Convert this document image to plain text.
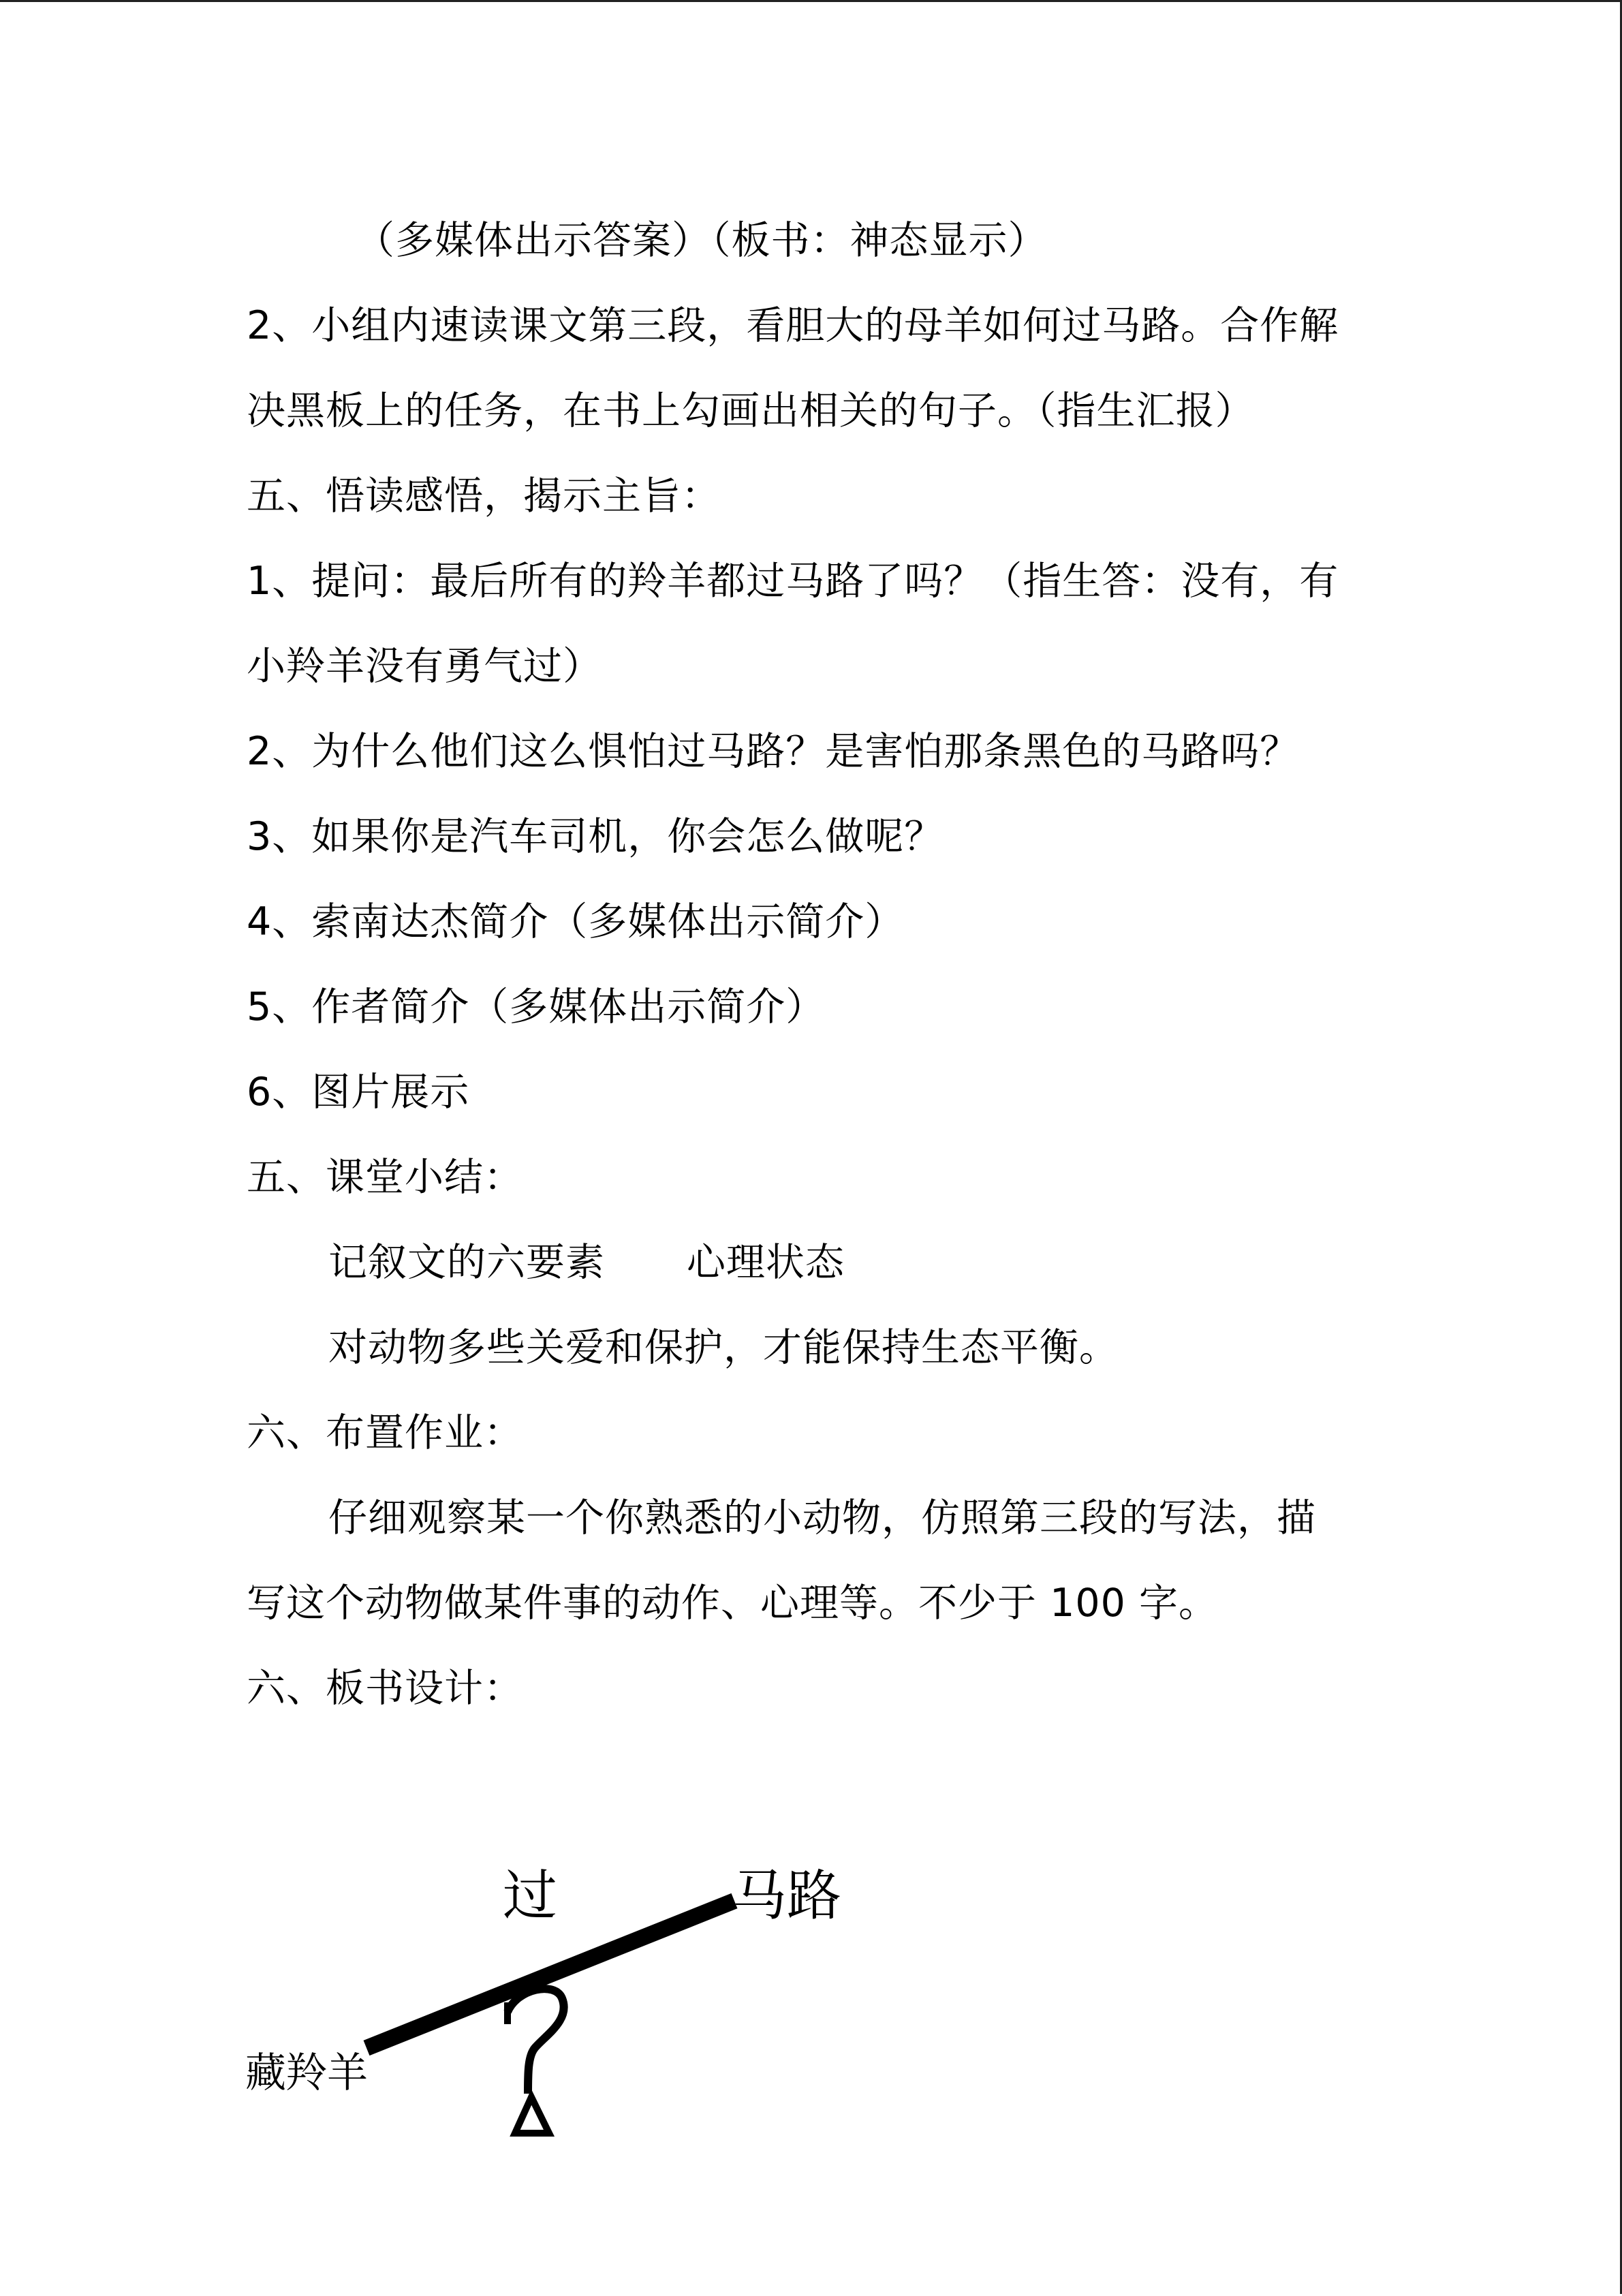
（多媒体出示答案）（板书：神态显示）
2、小组内速读课文第三段，看胆大的母羊如何过马路。合作解
决黑板上的任务，在书上勾画出相关的句子。（指生汇报）
五、悟读感悟，揭示主旨：
1、提问：最后所有的羚羊都过马路了吗？（指生答：没有，有
小羚羊没有勇气过）
2、为什么他们这么惧怕过马路？是害怕那条黑色的马路吗？
3、如果你是汽车司机，你会怎么做呢？
4、索南达杰简介（多媒体出示简介）
5、作者简介（多媒体出示简介）
6、图片展示
五、课堂小结：
记叙文的六要素 心理状态
对动物多些关爱和保护，才能保持生态平衡。
六、布置作业：
仔细观察某一个你熟悉的小动物，仿照第三段的写法，描
写这个动物做某件事的动作、心理等。不少于 100 字。
六、板书设计：
过	马路
藏羚羊
